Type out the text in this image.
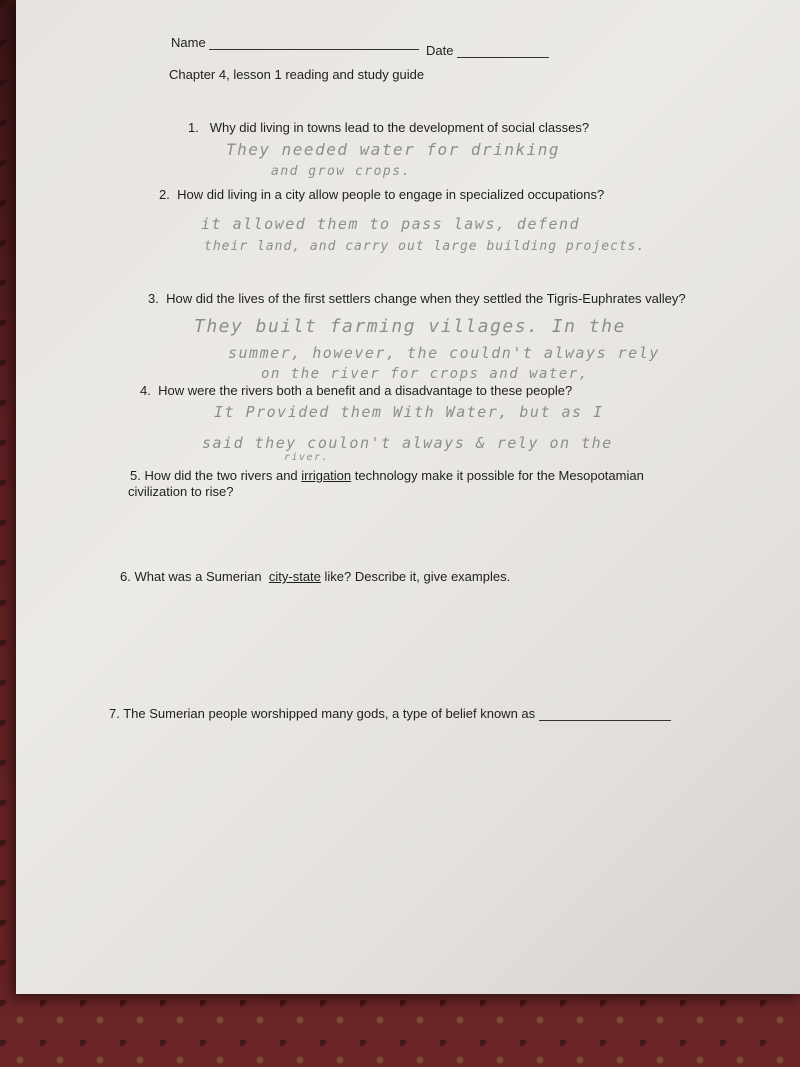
Name
Date
Chapter 4, lesson 1 reading and study guide
1. Why did living in towns lead to the development of social classes?
They needed water for drinking
and grow crops.
2. How did living in a city allow people to engage in specialized occupations?
it allowed them to pass laws, defend
their land, and carry out large building projects.
3. How did the lives of the first settlers change when they settled the Tigris-Euphrates valley?
They built farming villages. In the
summer, however, the couldn't always rely
on the river for crops and water,
4. How were the rivers both a benefit and a disadvantage to these people?
It Provided them With Water, but as I
said they coulon't always & rely on the
river.
5. How did the two rivers and irrigation technology make it possible for the Mesopotamian
civilization to rise?
6. What was a Sumerian city-state like? Describe it, give examples.
7. The Sumerian people worshipped many gods, a type of belief known as
